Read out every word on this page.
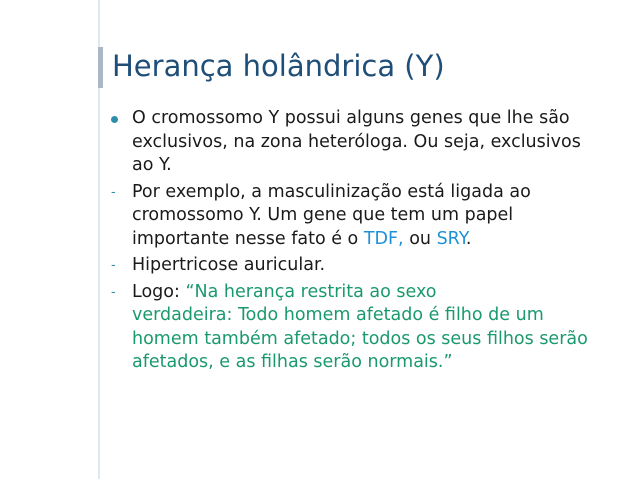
Herança holândrica (Y)
O cromossomo Y possui alguns genes que lhe são
exclusivos, na zona heteróloga. Ou seja, exclusivos
ao Y.
- Por exemplo, a masculinização está ligada ao
cromossomo Y. Um gene que tem um papel
importante nesse fato é o TDF, ou SRY.
- Hipertricose auricular.
- Logo: “Na herança restrita ao sexo
verdadeira: Todo homem afetado é filho de um
homem também afetado; todos os seus filhos serão
afetados, e as filhas serão normais.”
